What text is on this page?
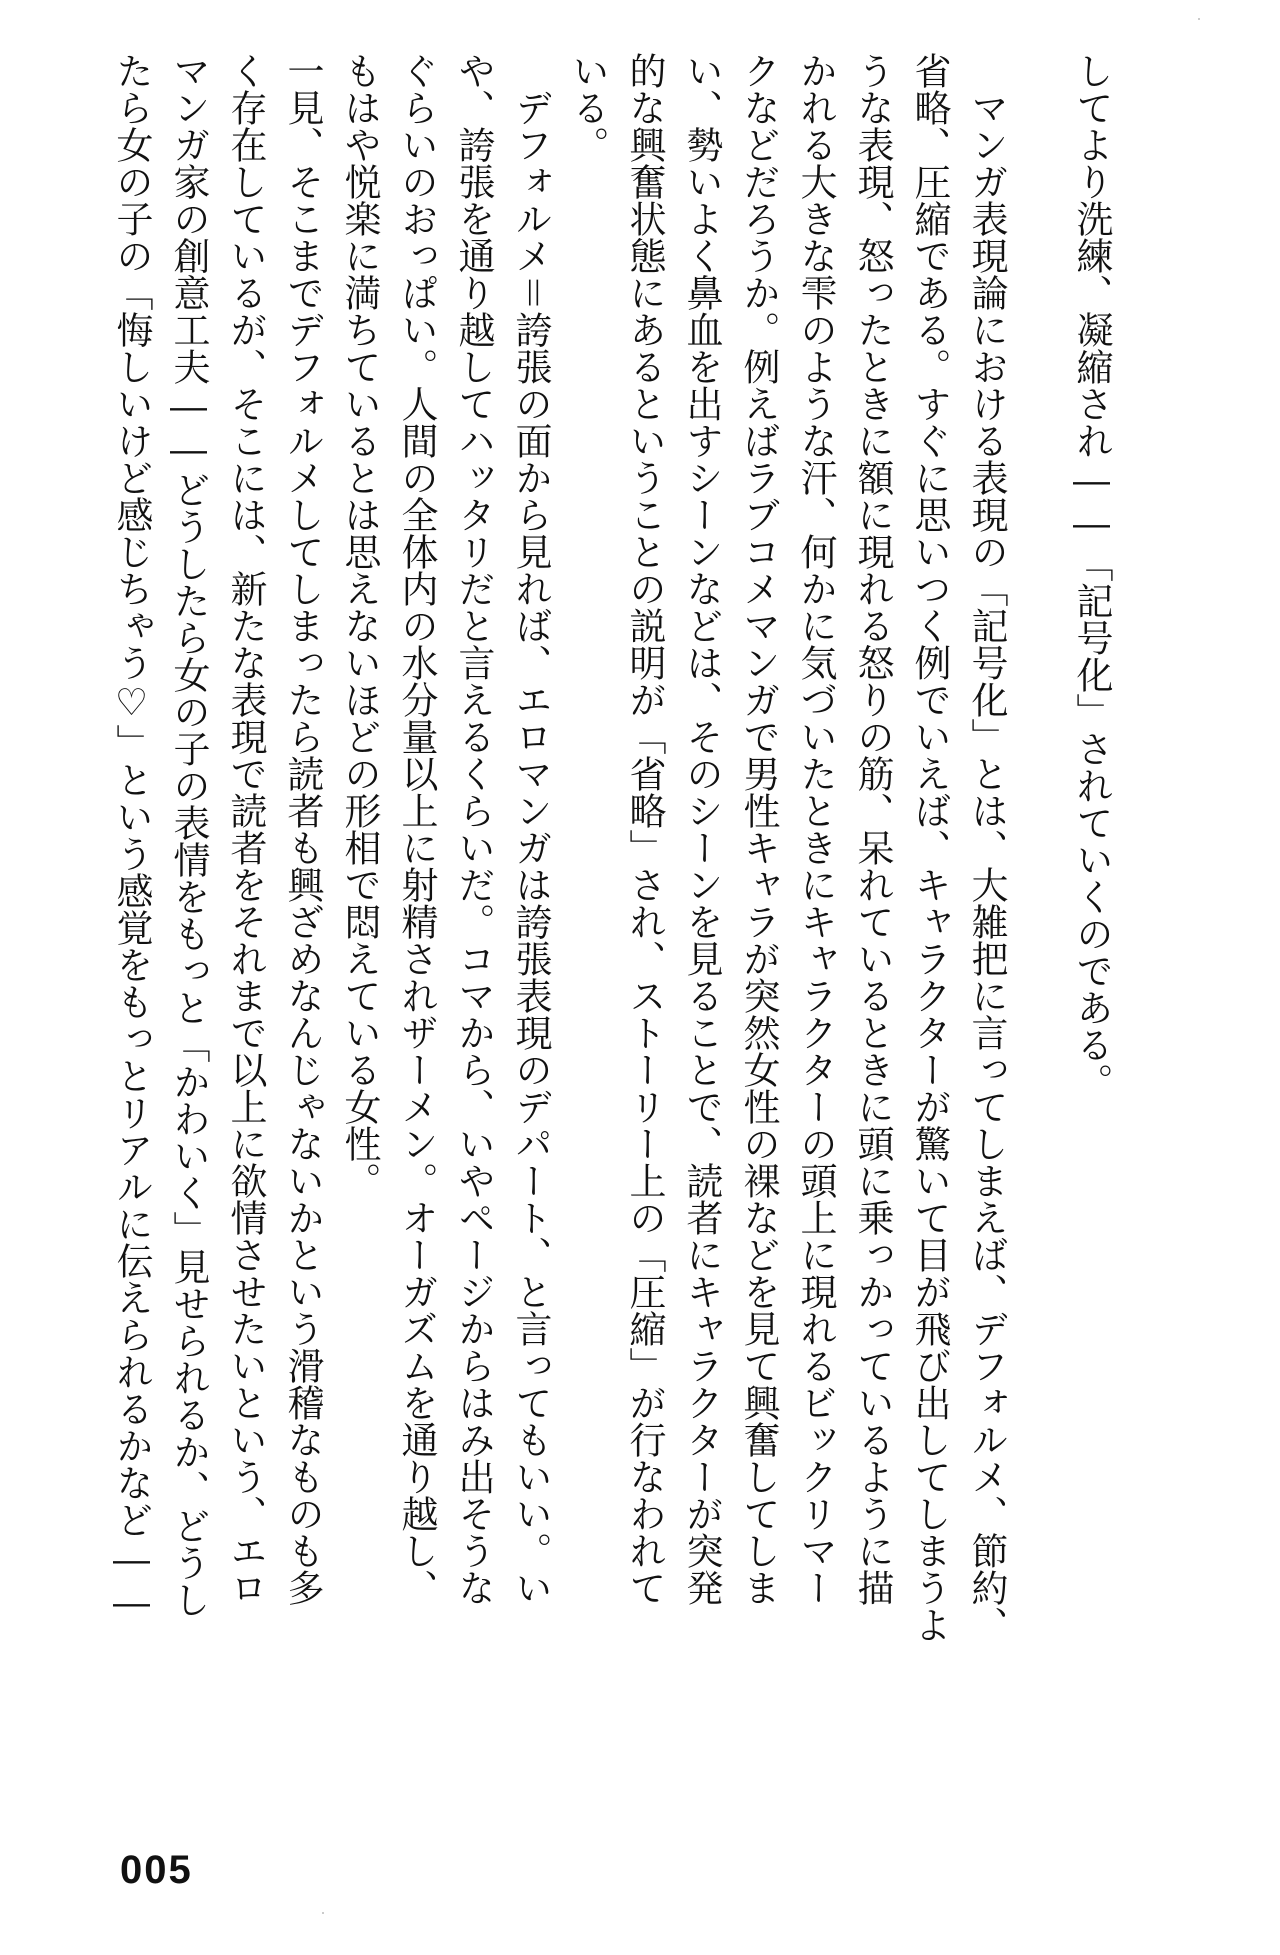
してより洗練、凝縮され――「記号化」されていくのである。
　マンガ表現論における表現の「記号化」とは、大雑把に言ってしまえば、デフォルメ、節約、
省略、圧縮である。すぐに思いつく例でいえば、キャラクターが驚いて目が飛び出してしまうよ
うな表現、怒ったときに額に現れる怒りの筋、呆れているときに頭に乗っかっているように描
かれる大きな雫のような汗、何かに気づいたときにキャラクターの頭上に現れるビックリマー
クなどだろうか。例えばラブコメマンガで男性キャラが突然女性の裸などを見て興奮してしま
い、勢いよく鼻血を出すシーンなどは、そのシーンを見ることで、読者にキャラクターが突発
的な興奮状態にあるということの説明が「省略」され、ストーリー上の「圧縮」が行なわれて
いる。
　デフォルメ＝誇張の面から見れば、エロマンガは誇張表現のデパート、と言ってもいい。い
や、誇張を通り越してハッタリだと言えるくらいだ。コマから、いやページからはみ出そうな
ぐらいのおっぱい。人間の全体内の水分量以上に射精されザーメン。オーガズムを通り越し、
もはや悦楽に満ちているとは思えないほどの形相で悶えている女性。
一見、そこまでデフォルメしてしまったら読者も興ざめなんじゃないかという滑稽なものも多
く存在しているが、そこには、新たな表現で読者をそれまで以上に欲情させたいという、エロ
マンガ家の創意工夫――どうしたら女の子の表情をもっと「かわいく」見せられるか、どうし
たら女の子の「悔しいけど感じちゃう♡」という感覚をもっとリアルに伝えられるかなど――
005
